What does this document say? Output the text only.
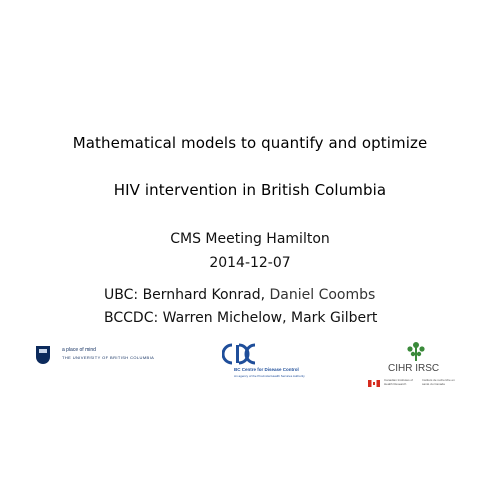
Mathematical models to quantify and optimize
HIV intervention in British Columbia
CMS Meeting Hamilton
2014-12-07
UBC: Bernhard Konrad, Daniel Coombs
BCCDC: Warren Michelow, Mark Gilbert
a place of mind
THE UNIVERSITY OF BRITISH COLUMBIA
BC Centre for Disease Control
An agency of the Provincial Health Services Authority
CIHR IRSC
Canadian Institutes of Health Research
Instituts de recherche en santé du Canada
